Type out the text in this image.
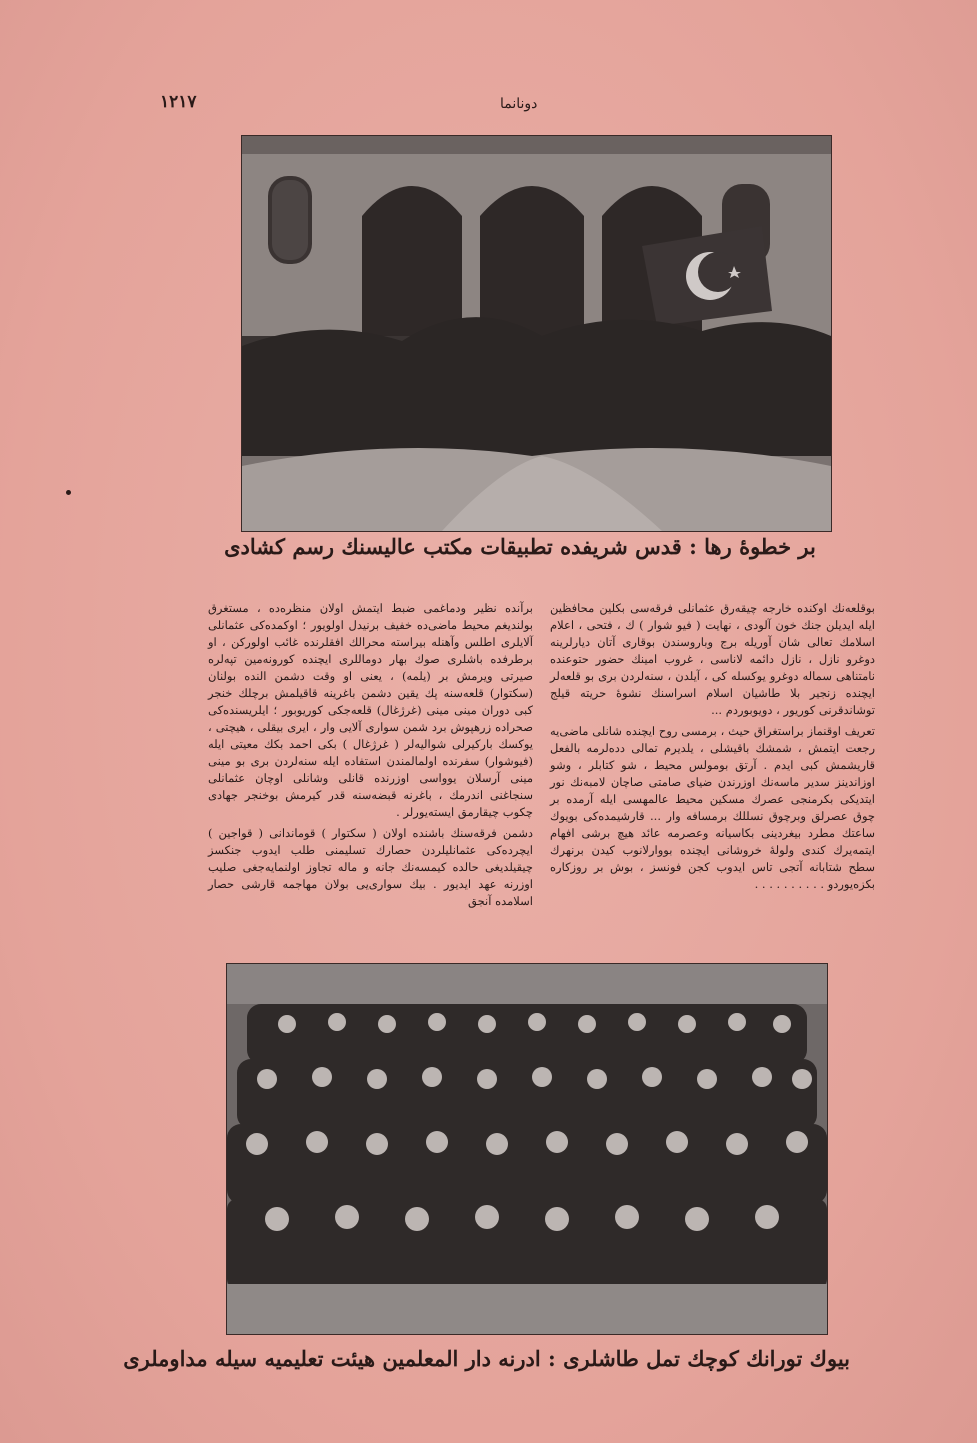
١٢١٧	دونانما
بر خطوهٔ رها : قدس شريفده تطبيقات مكتب عاليسنك رسم كشادى

بوقلعه‌نك اوكنده خارجه چيقه‌رق عثمانلى فرقه‌سى بكلين محافظين ايله ايديلن جنك خون آلودى ، نهايت ( فيو شوار ) ك ، فتحى ، اعلام اسلامك تعالى شان آوريله برج وباروسندن بوقارى آتان ديارلرينه دوغرو نازل ، نازل دائمه لاناسى ، غروب امينك حضور حتوعنده نامتناهى سماله دوغرو يوكسله كى ، آيلدن ، سنه‌لردن برى بو قلعه‌لر ايچنده زنجير بلا طاشيان اسلام اسراسنك نشوهٔ حريته قيلج توشاندقرنى كوريور ، دويوبوردم ...

تعريف اوقنماز براستغراق حيث ، برمسى روح ايچنده شانلى ماضى‌يه رجعت ايتمش ، شمشك باقيشلى ، يلديرم تمالى دده‌لرمه بالفعل قاريشمش كبى ايدم . آرتق بومولس محيط ، شو كتابلر ، وشو اوزاندينز سدير ماسه‌نك اوزرندن ضياى صامتى صاچان لامبه‌نك نور ايتديكى بكرمنجى عصرك مسكين محيط عالمهسى ايله آرمده بر چوق عصرلق وبرچوق نسللك برمسافه وار ... قارشيمده‌كى بويوك ساعتك مطرد بيغردينى بكاسيانه وعصرمه عائد هيچ برشى افهام ايتمه‌يرك كندى ولولهٔ خروشانى ايچنده بووارلانوب كيدن برنهرك سطح شتابانه آتجى تاس ايدوب كجن فونسز ، بوش بر روزكاره بكزه‌يوردو . . . . . . . . . .

برآنده نظير ودماغمى ضبط ايتمش اولان منظره‌ده ، مستغرق بولنديغم محيط ماضى‌ده خفيف برنيدل اولويور ؛ اوكمده‌كى عثمانلى آلايلرى اطلس وآهنله بيراسته محرالك افقلرنده غائب اولوركن ، او برطرفده باشلرى صوك بهار دوماللرى ايچنده كورونه‌مين تپه‌لره صيرتى ويرمش بر (يلمه) ، يعنى او وقت دشمن النده بولنان (سكتوار) قلعه‌سنه پك يقين دشمن باغرينه قاقيلمش برچلك خنجر كبى دوران مينى مينى (غرژغال) قلعه‌جكى كوريوبور ؛ ايلريسنده‌كى صحراده زرهپوش برد شمن سوارى آلايى وار ، ايرى بيقلى ، هيچتى ، يوكسك باركيرلى شواليه‌لر ( غرژغال ) بكى احمد بكك معيتى ايله (فيوشوار) سفرنده اولمالمندن استفاده ايله سنه‌لردن برى بو مينى مينى آرسلان يوواسى اوزرنده قانلى وشانلى اوچان عثمانلى سنجاغنى اندرمك ، باغرنه قبضه‌سنه قدر كيرمش بوخنجر جهادى چكوب چيقارمق ايسته‌يورلر .

دشمن فرقه‌سنك باشنده اولان ( سكتوار ) قوماندانى ( قواجين ) ايچرده‌كى عثمانليلردن حصارك تسليمنى طلب ايدوب جنكسز چيقيلديغى حالده كيمسه‌نك جانه و ماله تجاوز اولنمايه‌جغى صليب اوزرنه عهد ايديور . بيك سوارى‌يى بولان مهاجمه قارشى حصار اسلامده آنجق

بيوك تورانك كوچك تمل طاشلرى : ادرنه دار المعلمين هيئت تعليميه سيله مداوملرى
